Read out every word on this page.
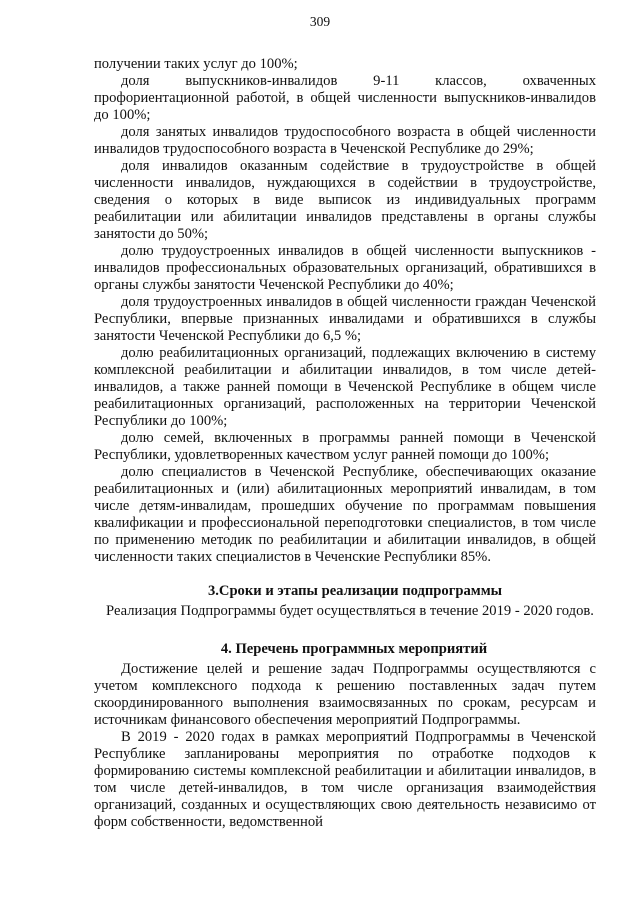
309

получении таких услуг до 100%;

доля выпускников-инвалидов 9-11 классов, охваченных профориентационной работой, в общей численности выпускников-инвалидов до 100%;

доля занятых инвалидов трудоспособного возраста в общей численности инвалидов трудоспособного возраста в Чеченской Республике до 29%;

доля инвалидов оказанным содействие в трудоустройстве в общей численности инвалидов, нуждающихся в содействии в трудоустройстве, сведения о которых в виде выписок из индивидуальных программ реабилитации или абилитации инвалидов представлены в органы службы занятости до 50%;

долю трудоустроенных инвалидов в общей численности выпускников - инвалидов профессиональных образовательных организаций, обратившихся в органы службы занятости Чеченской Республики до 40%;

доля трудоустроенных инвалидов в общей численности граждан Чеченской Республики, впервые признанных инвалидами и обратившихся в службы занятости Чеченской Республики до 6,5 %;

долю реабилитационных организаций, подлежащих включению в систему комплексной реабилитации и абилитации инвалидов, в том числе детей-инвалидов, а также ранней помощи в Чеченской Республике в общем числе реабилитационных организаций, расположенных на территории Чеченской Республики до 100%;

долю семей, включенных в программы ранней помощи в Чеченской Республики, удовлетворенных качеством услуг ранней помощи до 100%;

долю специалистов в Чеченской Республике, обеспечивающих оказание реабилитационных и (или) абилитационных мероприятий инвалидам, в том числе детям-инвалидам, прошедших обучение по программам повышения квалификации и профессиональной переподготовки специалистов, в том числе по применению методик по реабилитации и абилитации инвалидов, в общей численности таких специалистов в Чеченские Республики 85%.

3.Сроки и этапы реализации подпрограммы

Реализация Подпрограммы будет осуществляться в течение 2019 - 2020 годов.

4. Перечень программных мероприятий

Достижение целей и решение задач Подпрограммы осуществляются с учетом комплексного подхода к решению поставленных задач путем скоординированного выполнения взаимосвязанных по срокам, ресурсам и источникам финансового обеспечения мероприятий Подпрограммы.

В 2019 - 2020 годах в рамках мероприятий Подпрограммы в Чеченской Республике запланированы мероприятия по отработке подходов к формированию системы комплексной реабилитации и абилитации инвалидов, в том числе детей-инвалидов, в том числе организация взаимодействия организаций, созданных и осуществляющих свою деятельность независимо от форм собственности, ведомственной
